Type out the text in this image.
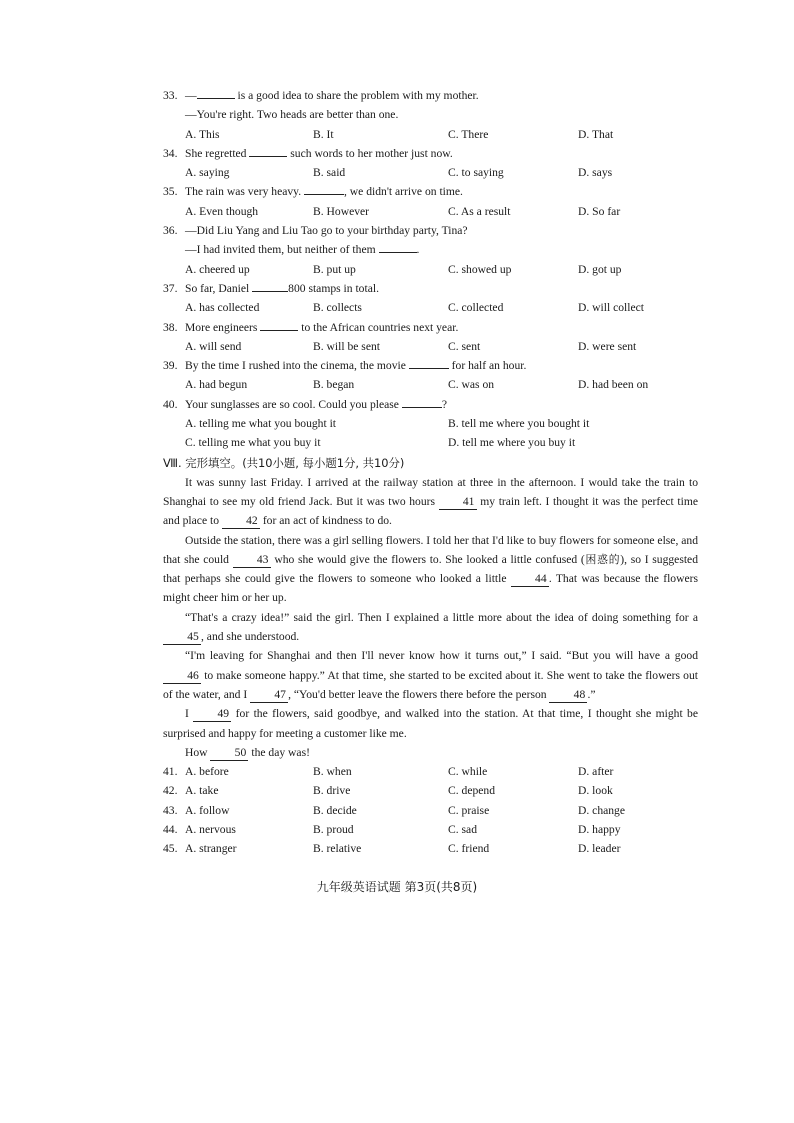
33. —	is a good idea to share the problem with my mother.
—You're right. Two heads are better than one.
A. This	B. It	C. There	D. That
34. She regretted	such words to her mother just now.
A. saying	B. said	C. to saying	D. says
35. The rain was very heavy.	, we didn't arrive on time.
A. Even though	B. However	C. As a result	D. So far
36. —Did Liu Yang and Liu Tao go to your birthday party, Tina?
—I had invited them, but neither of them	.
A. cheered up	B. put up	C. showed up	D. got up
37. So far, Daniel	800 stamps in total.
A. has collected	B. collects	C. collected	D. will collect
38. More engineers	to the African countries next year.
A. will send	B. will be sent	C. sent	D. were sent
39. By the time I rushed into the cinema, the movie	for half an hour.
A. had begun	B. began	C. was on	D. had been on
40. Your sunglasses are so cool. Could you please	?
A. telling me what you bought it	B. tell me where you bought it
C. telling me what you buy it	D. tell me where you buy it
Ⅷ. 完形填空。(共10小题, 每小题1分, 共10分)

It was sunny last Friday. I arrived at the railway station at three in the afternoon. I would take the train to Shanghai to see my old friend Jack. But it was two hours 41 my train left. I thought it was the perfect time and place to 42 for an act of kindness to do.

Outside the station, there was a girl selling flowers. I told her that I'd like to buy flowers for someone else, and that she could 43 who she would give the flowers to. She looked a little confused (困惑的), so I suggested that perhaps she could give the flowers to someone who looked a little 44 . That was because the flowers might cheer him or her up.

“That's a crazy idea!” said the girl. Then I explained a little more about the idea of doing something for a 45 , and she understood.

“I'm leaving for Shanghai and then I'll never know how it turns out,” I said. “But you will have a good 46 to make someone happy.” At that time, she started to be excited about it. She went to take the flowers out of the water, and I 47 , “You'd better leave the flowers there before the person 48 .”

I 49 for the flowers, said goodbye, and walked into the station. At that time, I thought she might be surprised and happy for meeting a customer like me.

How 50 the day was!

41. A. before	B. when	C. while	D. after
42. A. take	B. drive	C. depend	D. look
43. A. follow	B. decide	C. praise	D. change
44. A. nervous	B. proud	C. sad	D. happy
45. A. stranger	B. relative	C. friend	D. leader
九年级英语试题 第3页(共8页)
